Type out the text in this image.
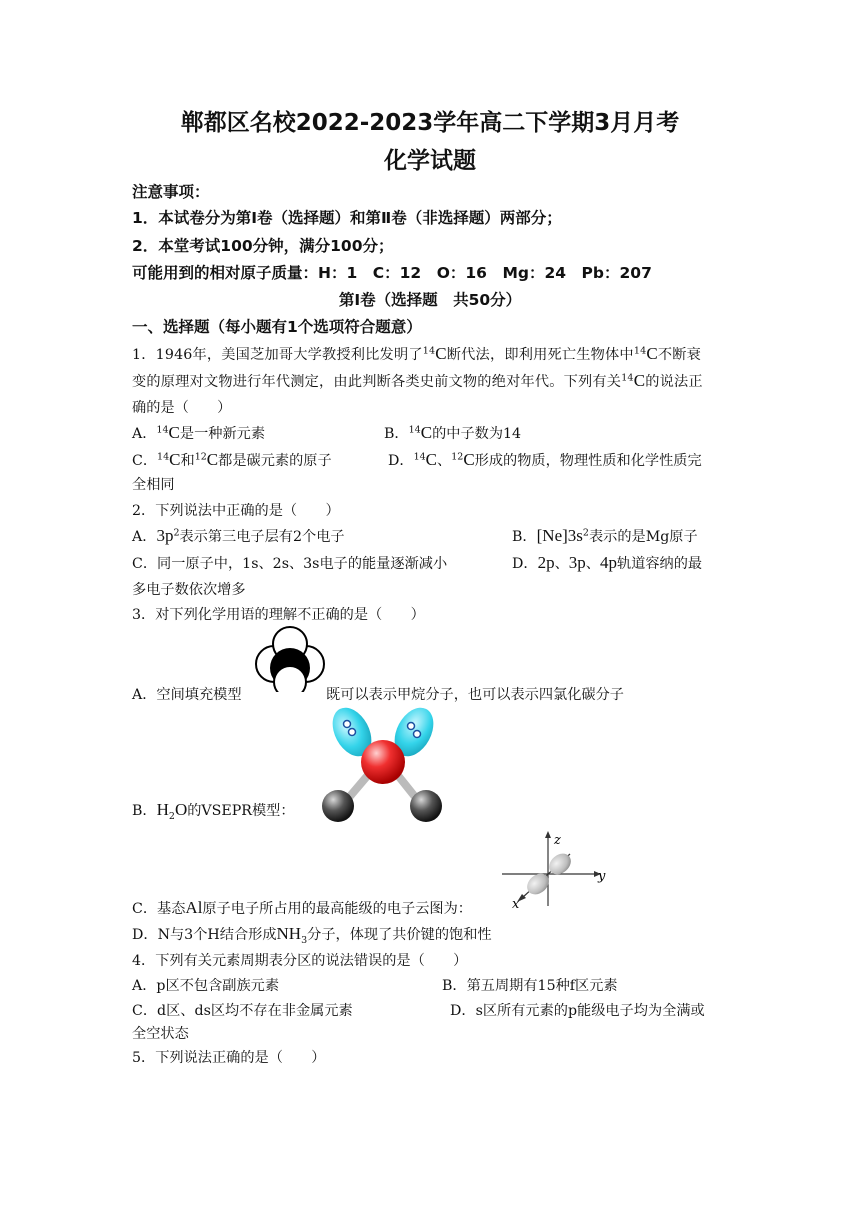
郸都区名校2022-2023学年高二下学期3月月考
化学试题
注意事项：
1．本试卷分为第Ⅰ卷（选择题）和第Ⅱ卷（非选择题）两部分；
2．本堂考试100分钟，满分100分；
可能用到的相对原子质量：H：1　C：12　O：16　Mg：24　Pb：207
第Ⅰ卷（选择题　共50分）
一、选择题（每小题有1个选项符合题意）
1．1946年，美国芝加哥大学教授利比发明了$^{14}$C断代法，即利用死亡生物体中$^{14}$C不断衰
变的原理对文物进行年代测定，由此判断各类史前文物的绝对年代。下列有关$^{14}$C的说法正
确的是（　　）
A．$^{14}$C是一种新元素	B．$^{14}$C的中子数为14
C．$^{14}$C和$^{12}$C都是碳元素的原子	D．$^{14}$C、$^{12}$C形成的物质，物理性质和化学性质完
全相同
2．下列说法中正确的是（　　）
A．$3p^2$表示第三电子层有2个电子	B．$[Ne]3s^2$表示的是Mg原子
C．同一原子中，1s、2s、3s电子的能量逐渐减小	D．2p、3p、4p轨道容纳的最
多电子数依次增多
3．对下列化学用语的理解不正确的是（　　）
A．空间填充模型	既可以表示甲烷分子，也可以表示四氯化碳分子
B．$H_2O$的VSEPR模型：
z
y
x
C．基态Al原子电子所占用的最高能级的电子云图为：
D．N与3个H结合形成$NH_3$分子，体现了共价键的饱和性
4．下列有关元素周期表分区的说法错误的是（　　）
A．p区不包含副族元素	B．第五周期有15种f区元素
C．d区、ds区均不存在非金属元素	D．s区所有元素的p能级电子均为全满或
全空状态
5．下列说法正确的是（　　）
